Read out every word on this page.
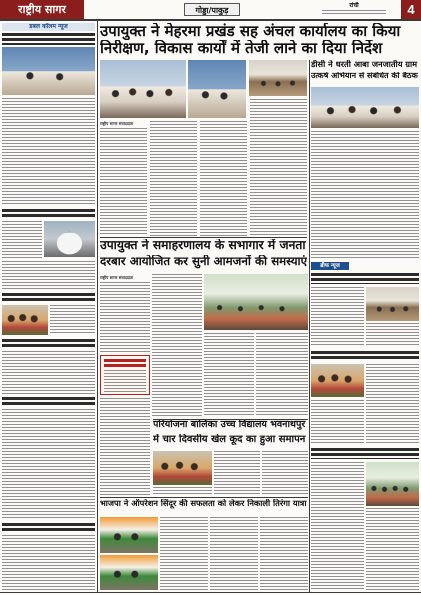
राष्ट्रीय सागर	गोड्डा/पाकुड़
रांची	4
डबल कॉलम न्यूज	उपायुक्त ने मेहरमा प्रखंड सह अंचल कार्यालय का किया
निरीक्षण, विकास कार्यों में तेजी लाने का दिया निर्देश
राष्ट्रीय सागर संवाददाता
डीसी ने धरती आबा जनजातीय ग्राम
उत्कर्ष अभियान से संबंधित की बैठक
उपायुक्त ने समाहरणालय के सभागार में जनता
दरबार आयोजित कर सुनी आमजनों की समस्याएं
राष्ट्रीय सागर संवाददाता
परियोजना बालिका उच्च विद्यालय भवनाथपुर
में चार दिवसीय खेल कूद का हुआ समापन
भाजपा ने ऑपरेशन सिंदूर की सफलता को लेकर निकाली तिरंगा यात्रा
ब्रीफ न्यूज
